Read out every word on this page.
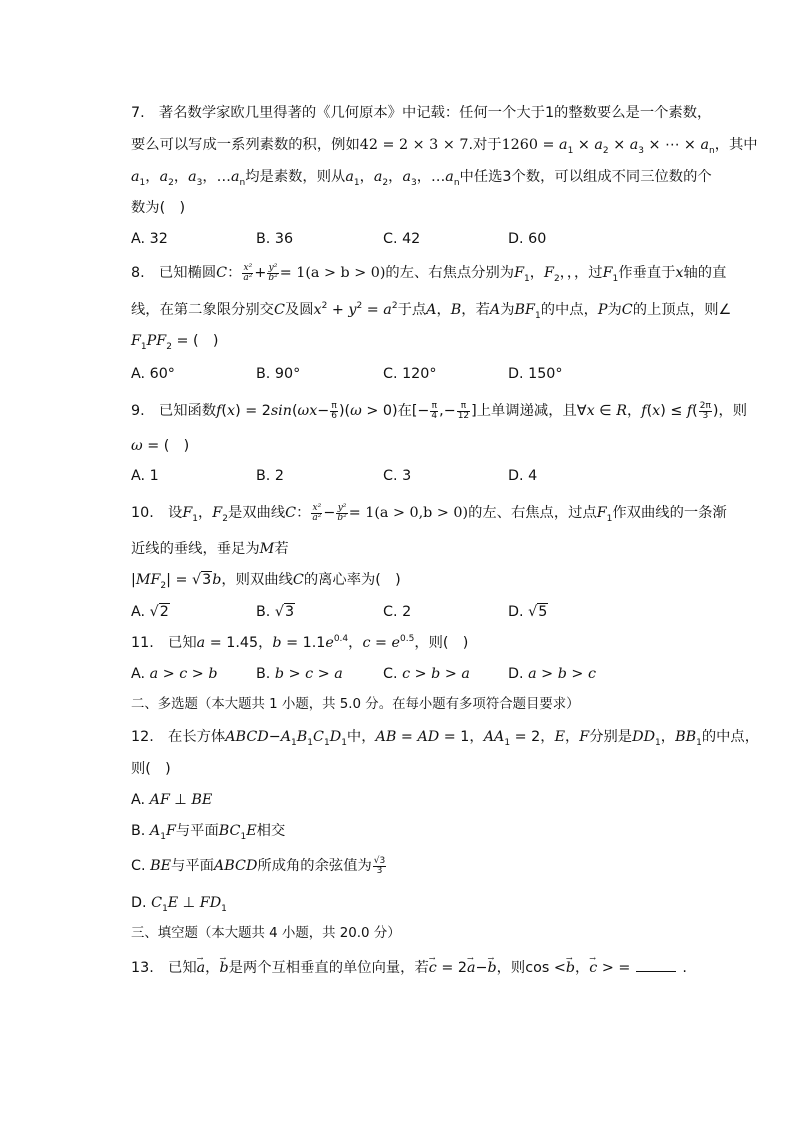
7.　著名数学家欧几里得著的《几何原本》中记载：任何一个大于1的整数要么是一个素数，
要么可以写成一系列素数的积，例如42 = 2 × 3 × 7.对于$1260 = a_1 \times a_2 \times a_3$ × ⋯ × $a_n$，其中
$a_1$，$a_2$，$a_3$，$\dots a_n$均是素数，则从$a_1$，$a_2$，$a_3$，$\dots a_n$中任选3个数，可以组成不同三位数的个
数为(　)
A. 32	B. 36	C. 42	D. 60
8.　已知椭圆C： $\frac{\text{x²}}{\text{a²}} + \frac{\text{y²}}{\text{b²}} = 1(a > b > 0)$的左、右焦点分别为$F_1$，$F_2$，，，过$F_1$作垂直于x轴的直
线，在第二象限分别交C及圆$x^2 + y^2 = a^2$于点A，B，若A为$BF_1$的中点，P为C的上顶点，则∠
$F_1PF_2$ = (　)
A. 60°	B. 90°	C. 120°	D. 150°
9.　已知函数$f(x) = 2\sin(\omega x- \frac{\pi}{6} )(\omega > 0)$在[− $\frac{\pi}{4}$ ,− $\frac{\pi}{12}$ ]上单调递减，且∀x ∈ R，$f(x) \le f( \frac{2\pi}{3}$ )，则
ω = (　)
A. 1	B. 2	C. 3	D. 4
10.　设$F_1$，$F_2$是双曲线C： $\frac{\text{x²}}{\text{a²}} - \frac{\text{y²}}{\text{b²}} = 1(a > 0,b > 0)$的左、右焦点，过点$F_1$作双曲线的一条渐
近线的垂线，垂足为M若
$|MF_2| = √3b$，则双曲线C的离心率为(　)
A. √2	B. √3	C. 2	D. √5
11.　已知a = 1.45，$b = 1.1e^{0.4}$，$c = e^{0.5}$，则(　)
A. a > c > b	B. b > c > a	C. c > b > a	D. a > b > c
二、多选题（本大题共 1 小题，共 5.0 分。在每小题有多项符合题目要求）
12.　在长方体$ABCD-A_1B_1C_1D_1$中，AB = AD = 1，$AA_1 = 2$，E，F分别是$DD_1$，$BB_1$的中点，
则(　)
A. AF ⊥ BE
B. $A_1F$与平面$BC_1E$相交
C. BE与平面ABCD所成角的余弦值为 $\frac{√3}{3}$
D. $C_1E$ ⊥ $FD_1$
三、填空题（本大题共 4 小题，共 20.0 分）
13.　已知→ a，→ b是两个互相垂直的单位向量，若→ c = 2→ a−→ b，则cos <→ b，→ c > =	.
